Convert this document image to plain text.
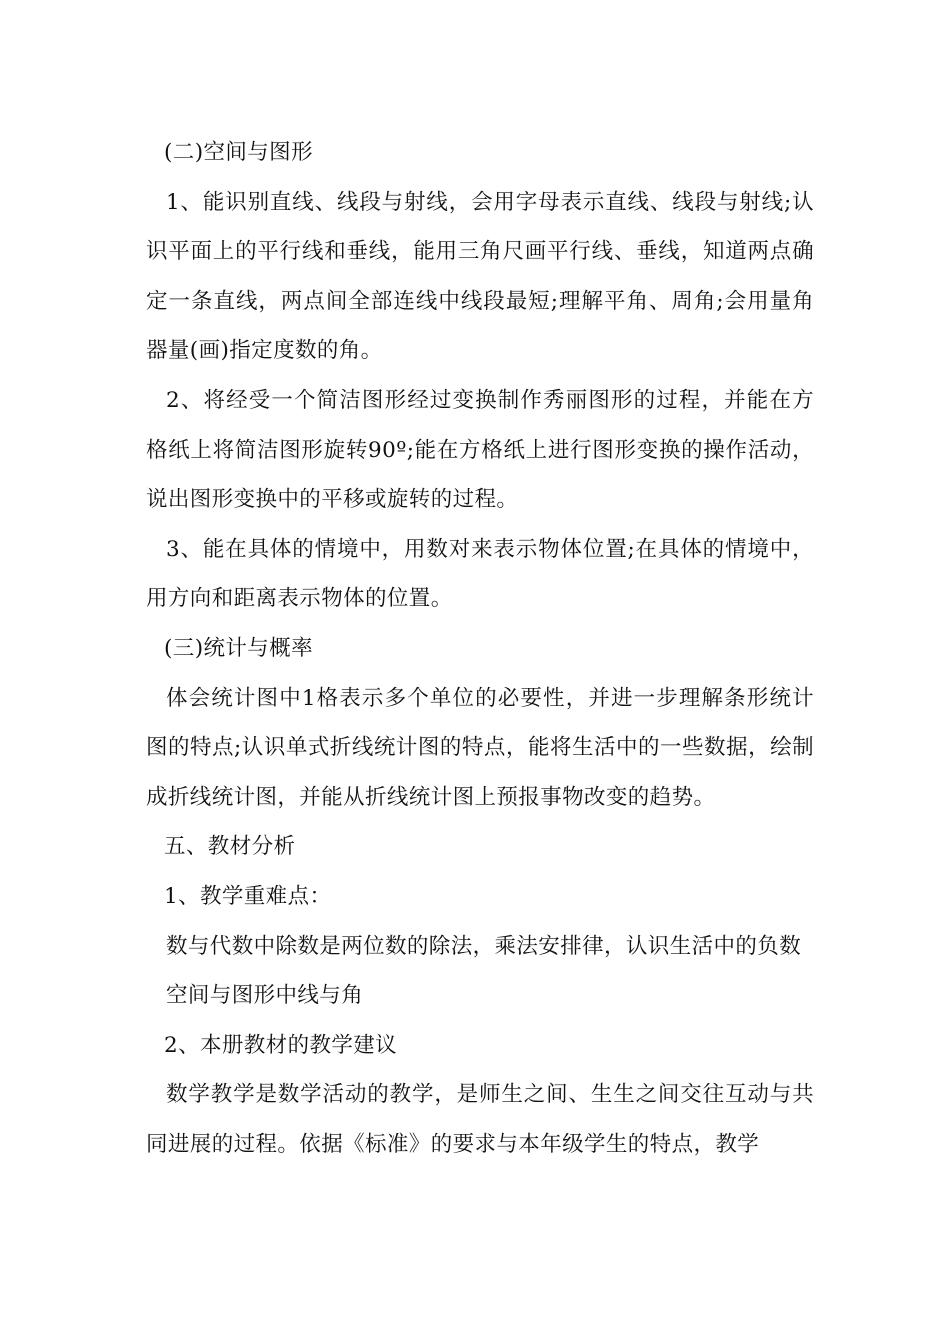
(二)空间与图形

1、能识别直线、线段与射线，会用字母表示直线、线段与射线;认识平面上的平行线和垂线，能用三角尺画平行线、垂线，知道两点确定一条直线，两点间全部连线中线段最短;理解平角、周角;会用量角器量(画)指定度数的角。

2、将经受一个简洁图形经过变换制作秀丽图形的过程，并能在方格纸上将简洁图形旋转90º;能在方格纸上进行图形变换的操作活动，说出图形变换中的平移或旋转的过程。

3、能在具体的情境中，用数对来表示物体位置;在具体的情境中，用方向和距离表示物体的位置。

(三)统计与概率

体会统计图中1格表示多个单位的必要性，并进一步理解条形统计图的特点;认识单式折线统计图的特点，能将生活中的一些数据，绘制成折线统计图，并能从折线统计图上预报事物改变的趋势。

五、教材分析

1、教学重难点：

数与代数中除数是两位数的除法，乘法安排律，认识生活中的负数

空间与图形中线与角

2、本册教材的教学建议

数学教学是数学活动的教学，是师生之间、生生之间交往互动与共同进展的过程。依据《标准》的要求与本年级学生的特点，教学
